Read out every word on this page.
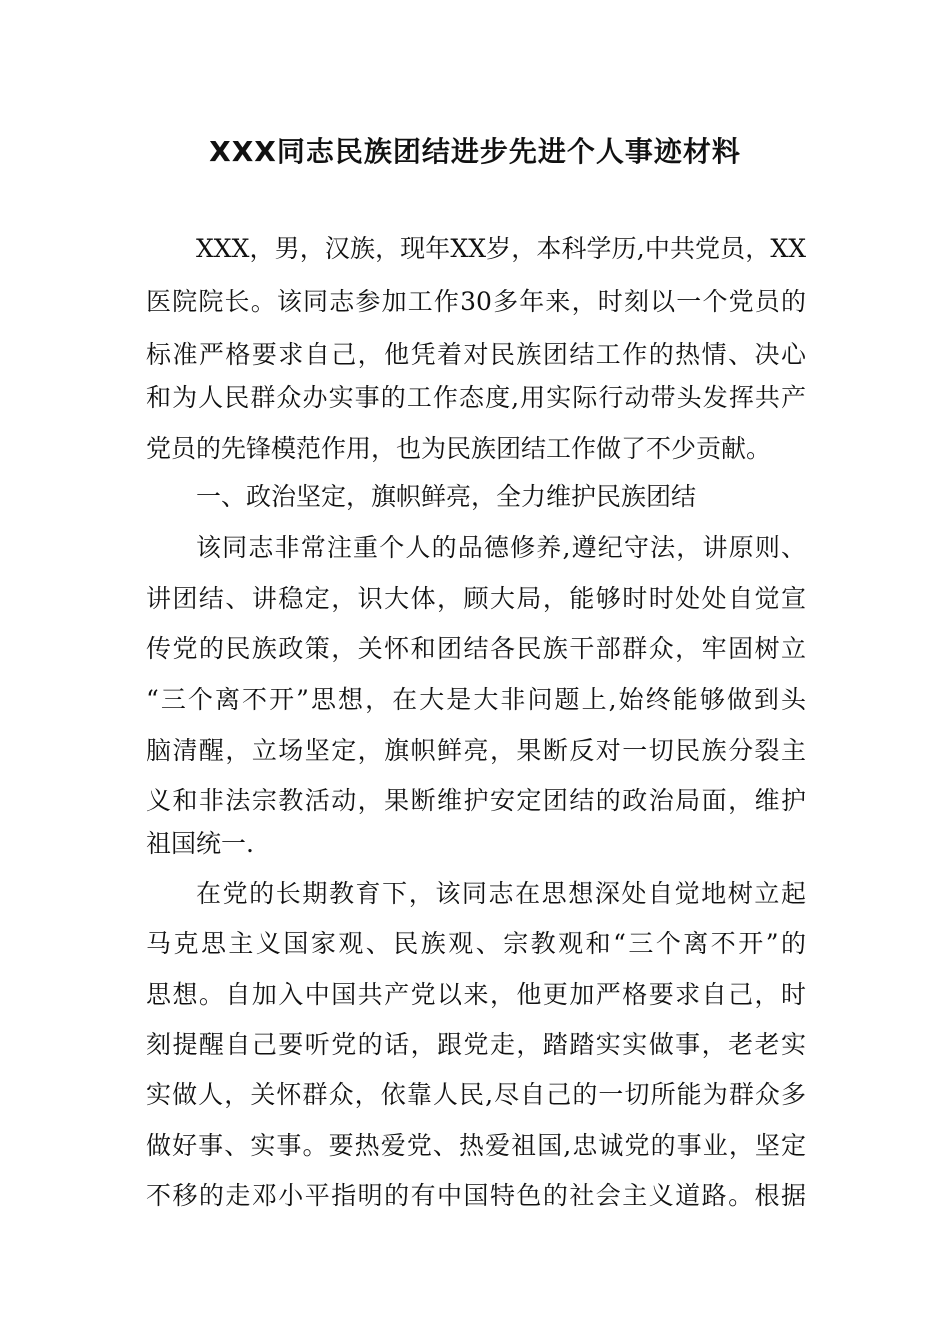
XXX同志民族团结进步先进个人事迹材料
XXX，男，汉族，现年XX岁，本科学历,中共党员，XX
医院院长。该同志参加工作30多年来，时刻以一个党员的
标准严格要求自己，他凭着对民族团结工作的热情、决心
和为人民群众办实事的工作态度,用实际行动带头发挥共产
党员的先锋模范作用，也为民族团结工作做了不少贡献。
一、政治坚定，旗帜鲜亮，全力维护民族团结
该同志非常注重个人的品德修养,遵纪守法，讲原则、
讲团结、讲稳定，识大体，顾大局，能够时时处处自觉宣
传党的民族政策，关怀和团结各民族干部群众，牢固树立
“三个离不开”思想，在大是大非问题上,始终能够做到头
脑清醒，立场坚定，旗帜鲜亮，果断反对一切民族分裂主
义和非法宗教活动，果断维护安定团结的政治局面，维护
祖国统一.
在党的长期教育下，该同志在思想深处自觉地树立起
马克思主义国家观、民族观、宗教观和“三个离不开”的
思想。自加入中国共产党以来，他更加严格要求自己，时
刻提醒自己要听党的话，跟党走，踏踏实实做事，老老实
实做人，关怀群众，依靠人民,尽自己的一切所能为群众多
做好事、实事。要热爱党、热爱祖国,忠诚党的事业，坚定
不移的走邓小平指明的有中国特色的社会主义道路。根据
